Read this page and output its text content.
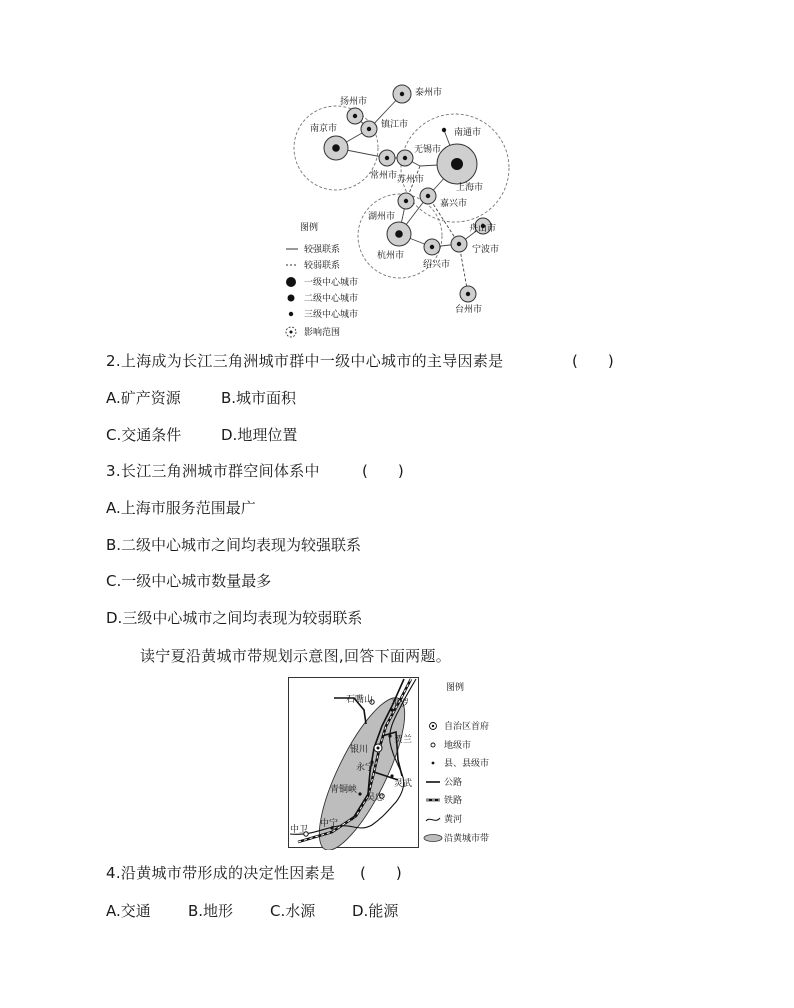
泰州市
扬州市
镇江市
南京市	南通市
无锡市
常州市 苏州市
上海市
嘉兴市
湖州市
舟山市
宁波市
杭州市
绍兴市
台州市
图例
较强联系
较弱联系
一级中心城市
二级中心城市
三级中心城市
影响范围
2.上海成为长江三角洲城市群中一级中心城市的主导因素是	(　　)
A.矿产资源	B.城市面积
C.交通条件	D.地理位置
3.长江三角洲城市群空间体系中	(　　)
A.上海市服务范围最广
B.二级中心城市之间均表现为较强联系
C.一级中心城市数量最多
D.三级中心城市之间均表现为较弱联系
读宁夏沿黄城市带规划示意图,回答下面两题。
石嘴山 平罗
银川
贺兰
永宁
灵武
青铜峡
吴忠
中卫
中宁
图例
自治区首府
地级市
县、县级市
公路
铁路
黄河
沿黄城市带
4.沿黄城市带形成的决定性因素是 (　　)
A.交通 B.地形 C.水源 D.能源
